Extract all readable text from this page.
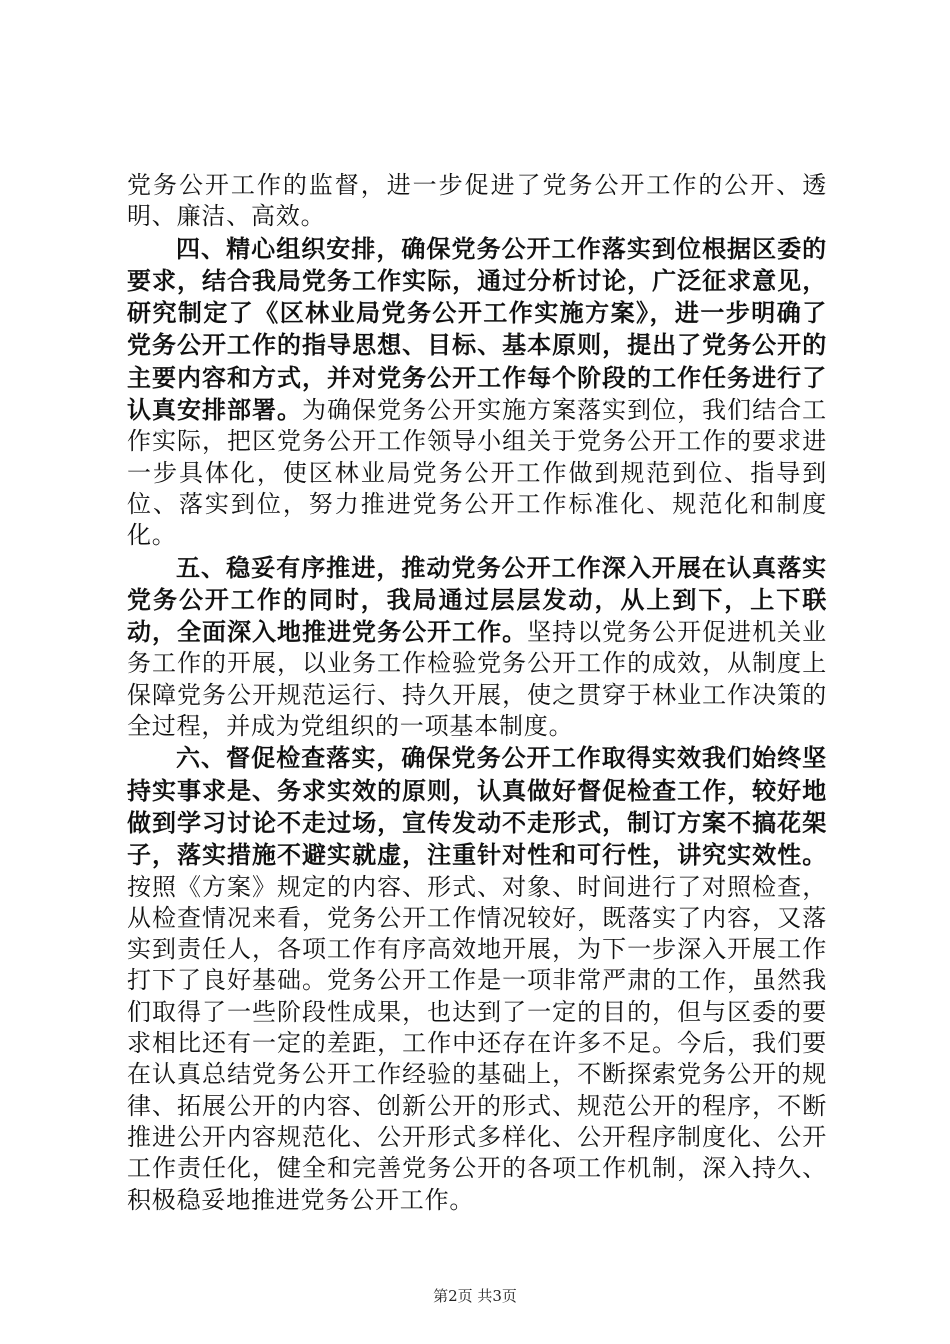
党务公开工作的监督，进一步促进了党务公开工作的公开、透明、廉洁、高效。

四、精心组织安排，确保党务公开工作落实到位根据区委的要求，结合我局党务工作实际，通过分析讨论，广泛征求意见，研究制定了《区林业局党务公开工作实施方案》，进一步明确了党务公开工作的指导思想、目标、基本原则，提出了党务公开的主要内容和方式，并对党务公开工作每个阶段的工作任务进行了认真安排部署。为确保党务公开实施方案落实到位，我们结合工作实际，把区党务公开工作领导小组关于党务公开工作的要求进一步具体化，使区林业局党务公开工作做到规范到位、指导到位、落实到位，努力推进党务公开工作标准化、规范化和制度化。

五、稳妥有序推进，推动党务公开工作深入开展在认真落实党务公开工作的同时，我局通过层层发动，从上到下，上下联动，全面深入地推进党务公开工作。坚持以党务公开促进机关业务工作的开展，以业务工作检验党务公开工作的成效，从制度上保障党务公开规范运行、持久开展，使之贯穿于林业工作决策的全过程，并成为党组织的一项基本制度。

六、督促检查落实，确保党务公开工作取得实效我们始终坚持实事求是、务求实效的原则，认真做好督促检查工作，较好地做到学习讨论不走过场，宣传发动不走形式，制订方案不搞花架子，落实措施不避实就虚，注重针对性和可行性，讲究实效性。按照《方案》规定的内容、形式、对象、时间进行了对照检查，从检查情况来看，党务公开工作情况较好，既落实了内容，又落实到责任人，各项工作有序高效地开展，为下一步深入开展工作打下了良好基础。党务公开工作是一项非常严肃的工作，虽然我们取得了一些阶段性成果，也达到了一定的目的，但与区委的要求相比还有一定的差距，工作中还存在许多不足。今后，我们要在认真总结党务公开工作经验的基础上，不断探索党务公开的规律、拓展公开的内容、创新公开的形式、规范公开的程序，不断推进公开内容规范化、公开形式多样化、公开程序制度化、公开工作责任化，健全和完善党务公开的各项工作机制，深入持久、积极稳妥地推进党务公开工作。

第2页 共3页
